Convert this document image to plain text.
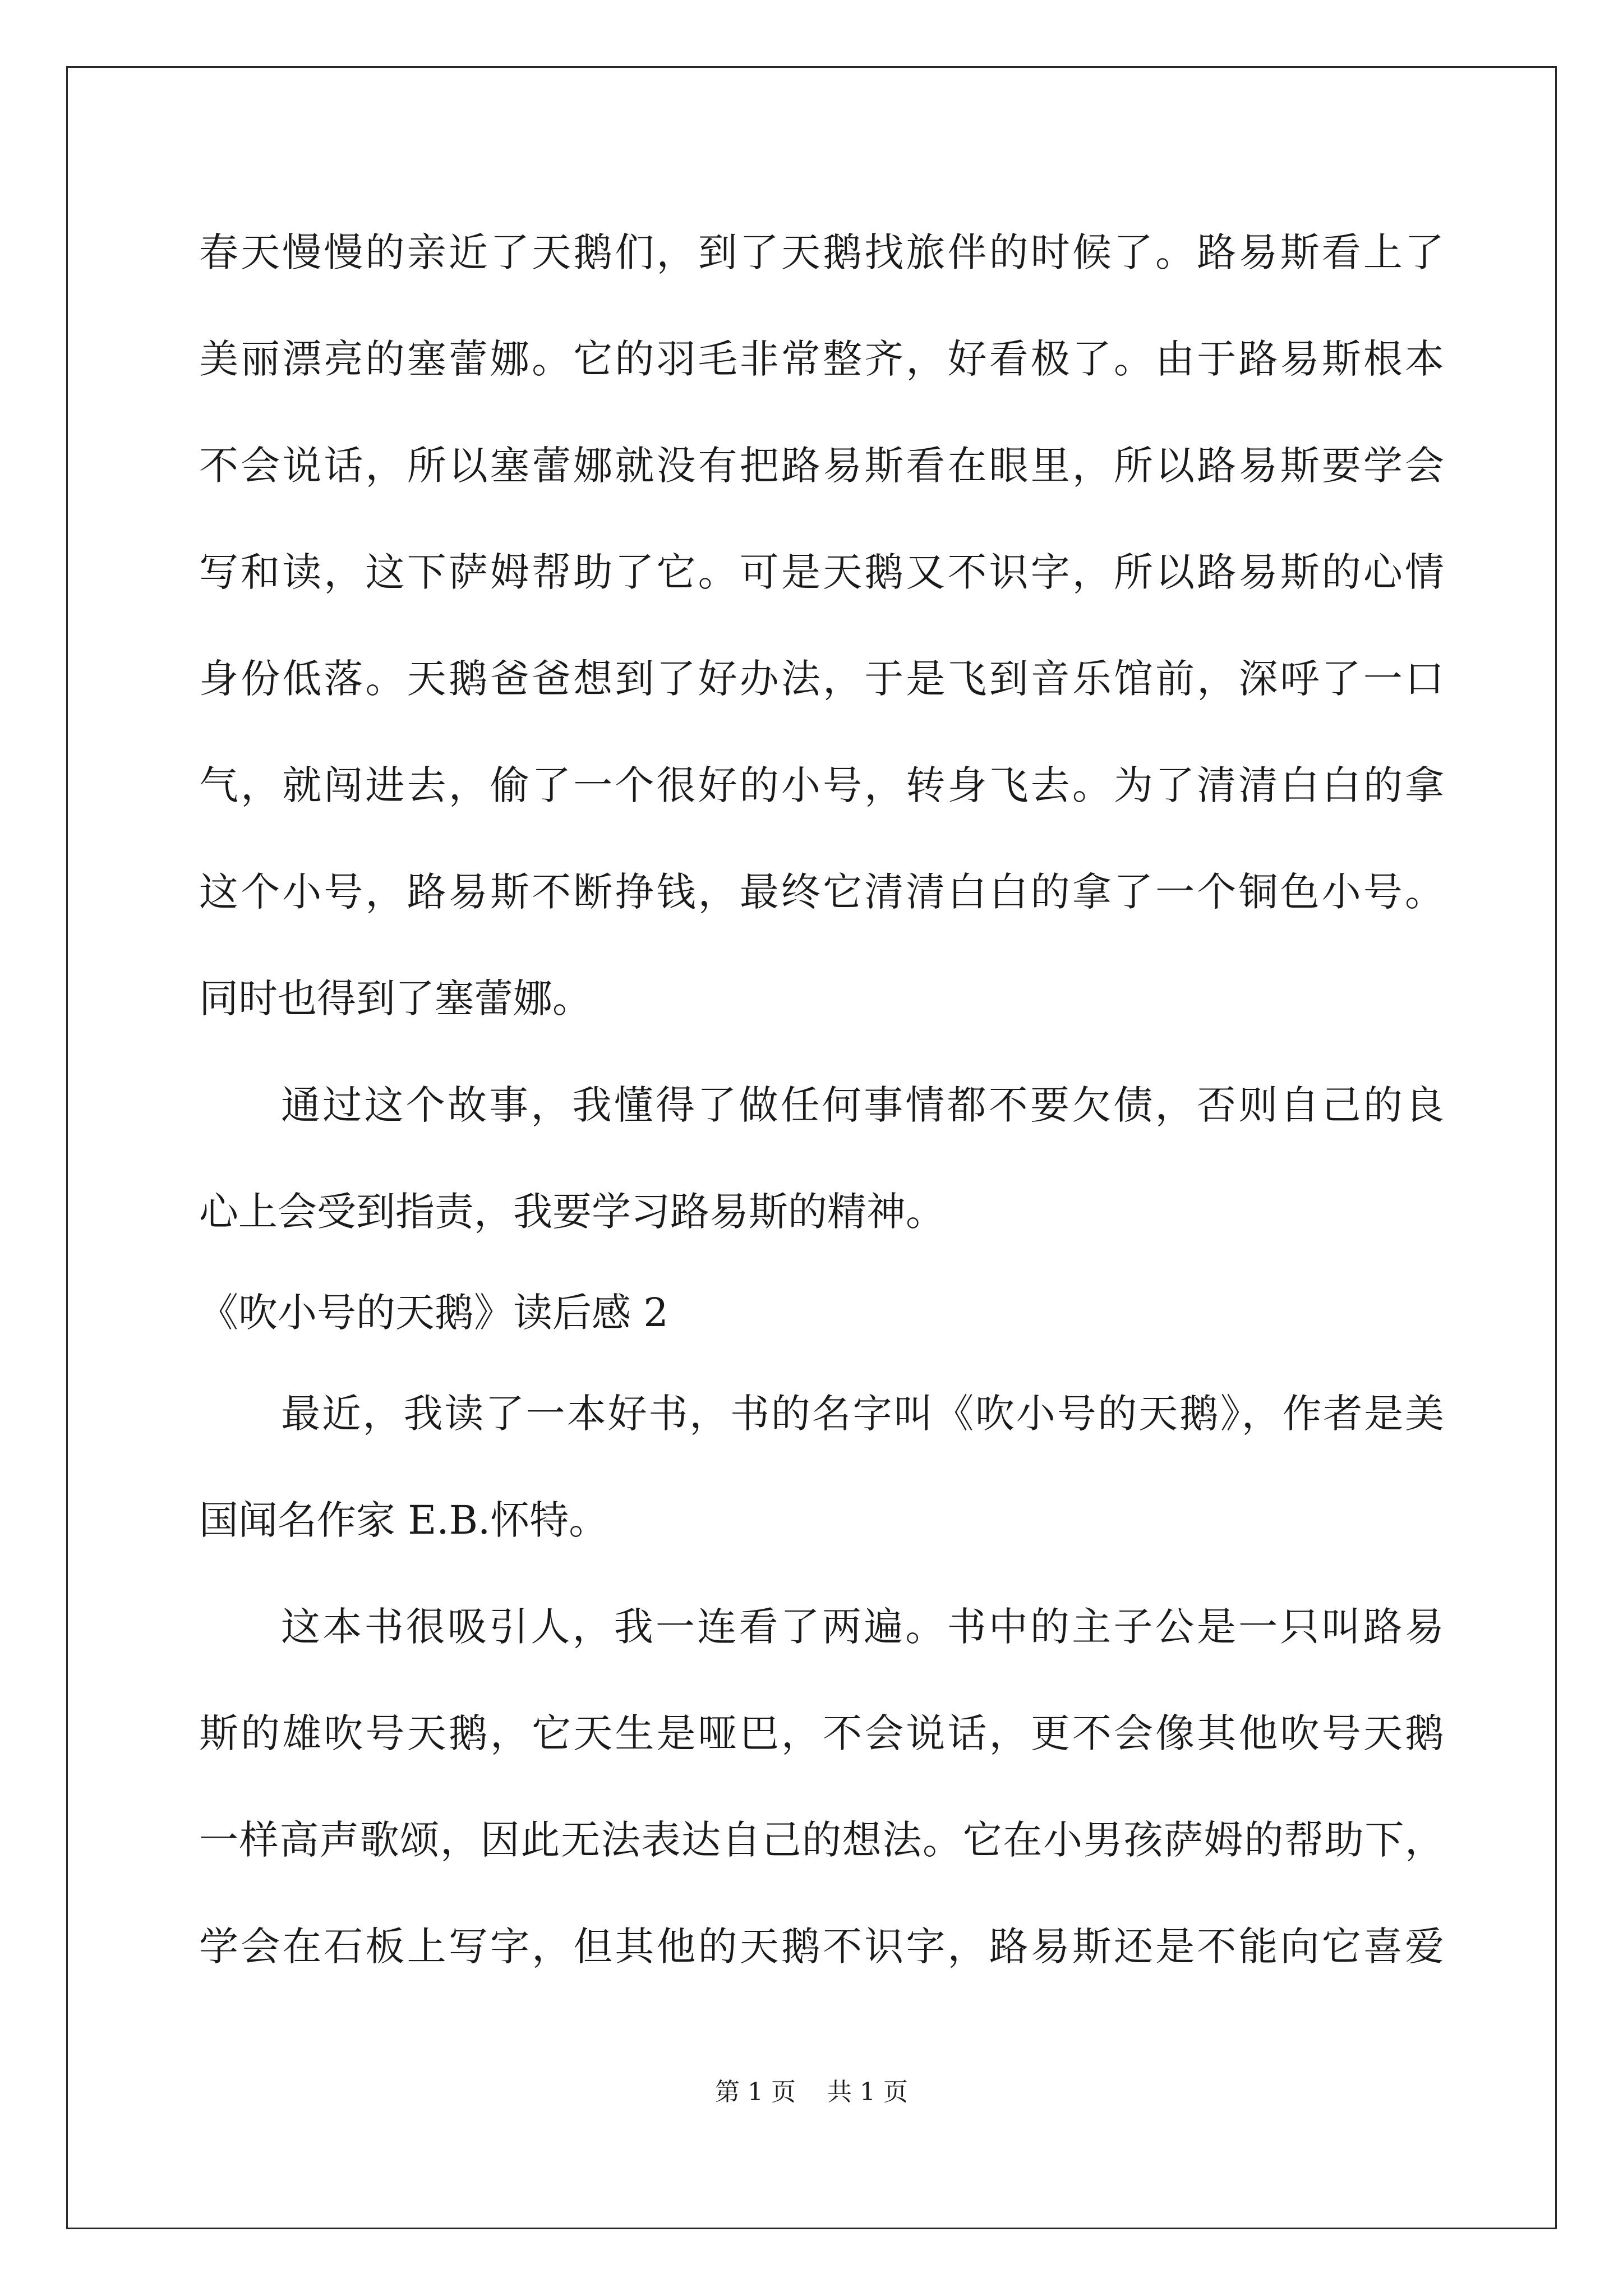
春天慢慢的亲近了天鹅们，到了天鹅找旅伴的时候了。路易斯看上了
美丽漂亮的塞蕾娜。它的羽毛非常整齐，好看极了。由于路易斯根本
不会说话，所以塞蕾娜就没有把路易斯看在眼里，所以路易斯要学会
写和读，这下萨姆帮助了它。可是天鹅又不识字，所以路易斯的心情
身份低落。天鹅爸爸想到了好办法，于是飞到音乐馆前，深呼了一口
气，就闯进去，偷了一个很好的小号，转身飞去。为了清清白白的拿
这个小号，路易斯不断挣钱，最终它清清白白的拿了一个铜色小号。
同时也得到了塞蕾娜。
通过这个故事，我懂得了做任何事情都不要欠债，否则自己的良
心上会受到指责，我要学习路易斯的精神。
《吹小号的天鹅》读后感 2
最近，我读了一本好书，书的名字叫《吹小号的天鹅》，作者是美
国闻名作家 E.B.怀特。
这本书很吸引人，我一连看了两遍。书中的主子公是一只叫路易
斯的雄吹号天鹅，它天生是哑巴，不会说话，更不会像其他吹号天鹅
一样高声歌颂，因此无法表达自己的想法。它在小男孩萨姆的帮助下，
学会在石板上写字，但其他的天鹅不识字，路易斯还是不能向它喜爱
第 1 页 共 1 页
